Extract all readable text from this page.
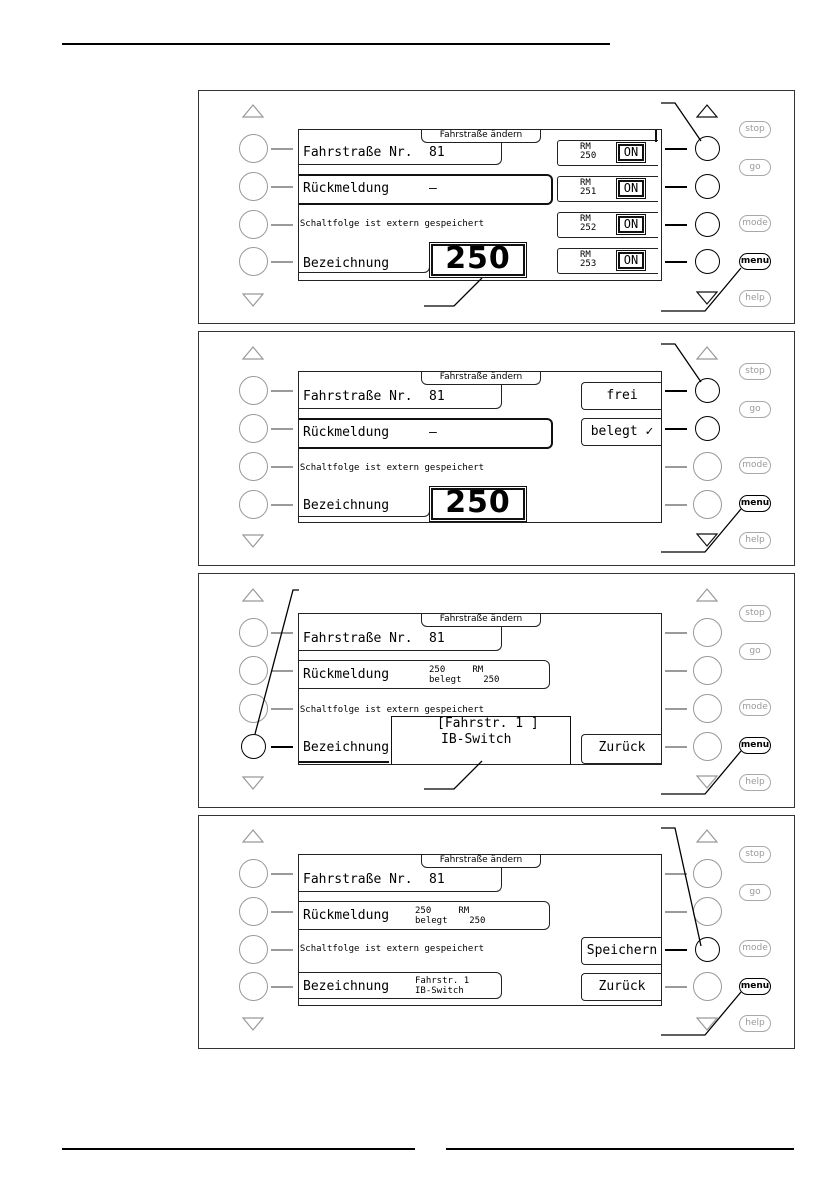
Fahrstraße ändern
Fahrstraße Nr. 81
Rückmeldung	–
Schaltfolge ist extern gespeichert
Bezeichnung	250
RM
250	ON
RM
251	ON
RM
252	ON
RM
253	ON
stop
go
mode
menu
help
Fahrstraße ändern
Fahrstraße Nr. 81
Rückmeldung	–
Schaltfolge ist extern gespeichert
Bezeichnung	250
frei
belegt ✓
stop
go
mode
menu
help
Fahrstraße ändern
Fahrstraße Nr. 81
Rückmeldung	250	RM
belegt 250
Schaltfolge ist extern gespeichert
Bezeichnung
[Fahrstr. 1 ]
IB-Switch
Zurück
stop
go
mode
menu
help
Fahrstraße ändern
Fahrstraße Nr. 81
Rückmeldung	250	RM
belegt 250
Schaltfolge ist extern gespeichert
Bezeichnung	Fahrstr. 1
IB-Switch
Speichern
Zurück
stop
go
mode
menu
help
